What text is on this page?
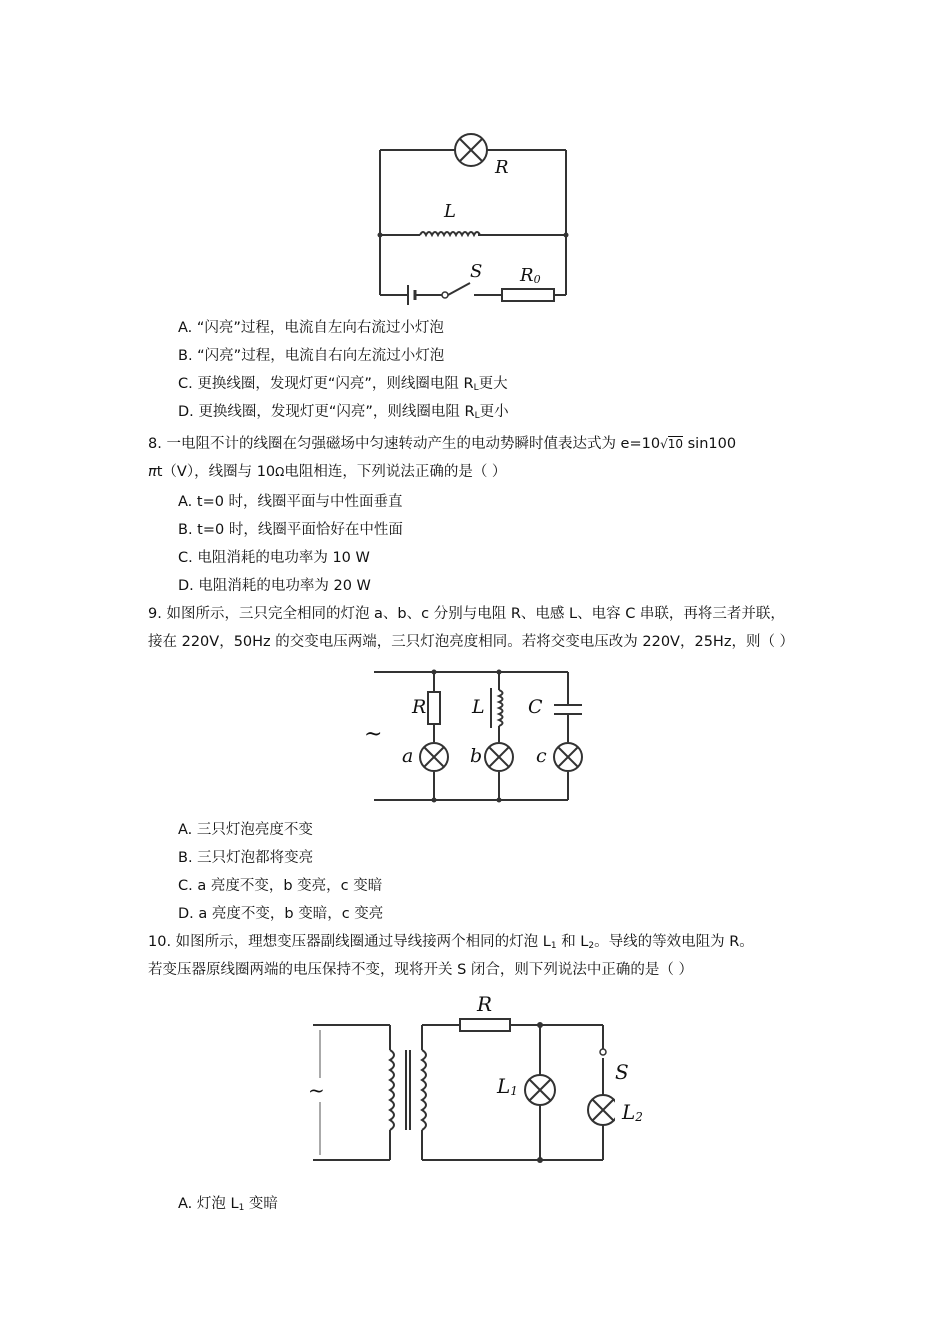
R
L
S $R_0$
A. “闪亮”过程，电流自左向右流过小灯泡
B. “闪亮”过程，电流自右向左流过小灯泡
C. 更换线圈，发现灯更“闪亮”，则线圈电阻 $R_L$更大
D. 更换线圈，发现灯更“闪亮”，则线圈电阻 $R_L$更小
8. 一电阻不计的线圈在匀强磁场中匀速转动产生的电动势瞬时值表达式为 e=10√10 sin100
πt（V），线圈与 10Ω电阻相连，下列说法正确的是（ ）
A. t=0 时，线圈平面与中性面垂直
B. t=0 时，线圈平面恰好在中性面
C. 电阻消耗的电功率为 10 W
D. 电阻消耗的电功率为 20 W
9. 如图所示，三只完全相同的灯泡 a、b、c 分别与电阻 R、电感 L、电容 C 串联，再将三者并联，
接在 220V，50Hz 的交变电压两端，三只灯泡亮度相同。若将交变电压改为 220V，25Hz，则（ ）
~
R L C
a	b	c
A. 三只灯泡亮度不变
B. 三只灯泡都将变亮
C. a 亮度不变，b 变亮，c 变暗
D. a 亮度不变，b 变暗，c 变亮
10. 如图所示，理想变压器副线圈通过导线接两个相同的灯泡 $L_1$ 和 $L_2$。导线的等效电阻为 R。
若变压器原线圈两端的电压保持不变，现将开关 S 闭合，则下列说法中正确的是（ ）
~
R
$L_1$
S
$L_2$
A. 灯泡 $L_1$ 变暗
